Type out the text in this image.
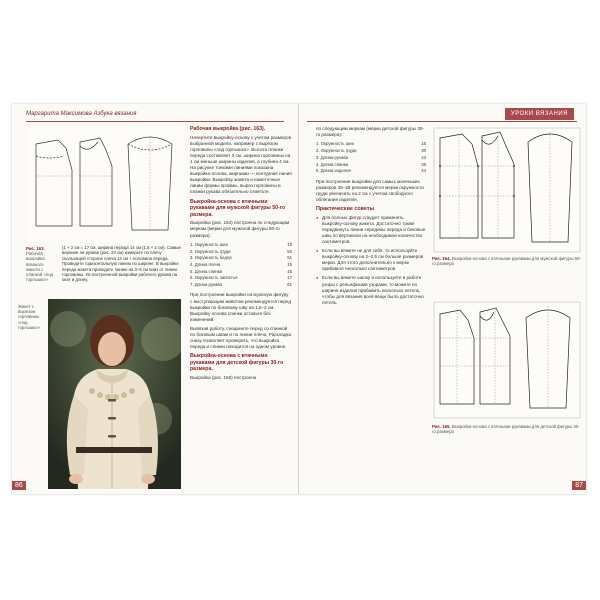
Маргарита Максимова Азбука вязания
Рис. 163. Рабочая выкройка вязаного жакета с планкой «под горлышко»
(1 + 2 см = 17 см, ширина переда 14 см (1,5 + 2 см). Самые верхние ли рукава (рис. 23 см) измерьте по плечу скользящей стороне плеча 14 см + половина переда. Проведите горизонтальную линию по ширине. В выкройке переда жакета проведите линию на 3–5 см вниз от линии горловины. Из построенной выкройки рабочего рукава на окат и длину.
Жакет с вырезом горловины «под горлышко»
86
УРОКИ ВЯЗАНИЯ
87
Рабочая выкройка (рис. 163).

Начертите выкройку-основу с учетом размеров выбранной модели, например с вырезом горловины «под горлышко». Высота планки переда составляет 3 см, ширина горловины на 1 см меньше ширины изделия, а глубина 4 см. На рисунке тонкими линиями показана выкройка-основа, жирными — контурная линия выкройки. Выкройку жакета и наметочные линии формы проймы, вырез горловины и планки рукава обязательно отметьте.

Выкройка-основа с втачными рукавами для мужской фигуры 50-го размера.

Выкройка (рис. 164) построена по следующим меркам (мерки для мужской фигуры 50-го размера):

1. Окружность шеи	19
2. Окружность груди	50
3. Окружность бедер	51
4. Длина плеча	15
5. Длина спинки	45
6. Окружность запястья	17
7. Длина рукава	61

При построении выкройки на мужскую фигуру с выступающим животом рекомендуется перед выкройки по боковому шву на 1,5–2 см. Выкройку основа спинки оставьте без изменений.

Вывязав работу, соедините перед со спинкой по боковым швам и по линии плеча. Раскладка снизу позволяет проверить, что выкройка переда и спинки находится на одном уровне.

Выкройка-основа с втачными рукавами для детской фигуры 30-го размера.

Выкройка (рис. 165) построена

по следующим меркам (мерки детской фигуры 30-го размера):

1. Окружность шеи	15
2. Окружность груди	30
3. Длина рукава	43
4. Длина спинки	36
5. Длина изделия	44

При построении выкройки для самых маленьких размеров 26–28 рекомендуется мерки окружности груди увеличить на 2 см с учетом свободного облегания изделия.

Практические советы
● Для полных фигур следует применять выкройку-основу жакета. Достаточно также передвинуть линии середины переда и боковые швы по вертикали на необходимое количество сантиметров.
● Если вы вяжете не для себя, то используйте выкройку-основу на 2–2,5 см больше размеров мерки. Для этого дополнительно к мерке прибавьте несколько сантиметров.
● Если вы вяжете шапку и используете в работе узоры с рельефными узорами, то можете по ширине изделия прибавить несколько петель, чтобы для вязания всей вещи было достаточно петель.
Рис. 164. Выкройка-основа с втачными рукавами для мужской фигуры 50-го размера
Рис. 165. Выкройка-основа с втачными рукавами для детской фигуры 30-го размера
